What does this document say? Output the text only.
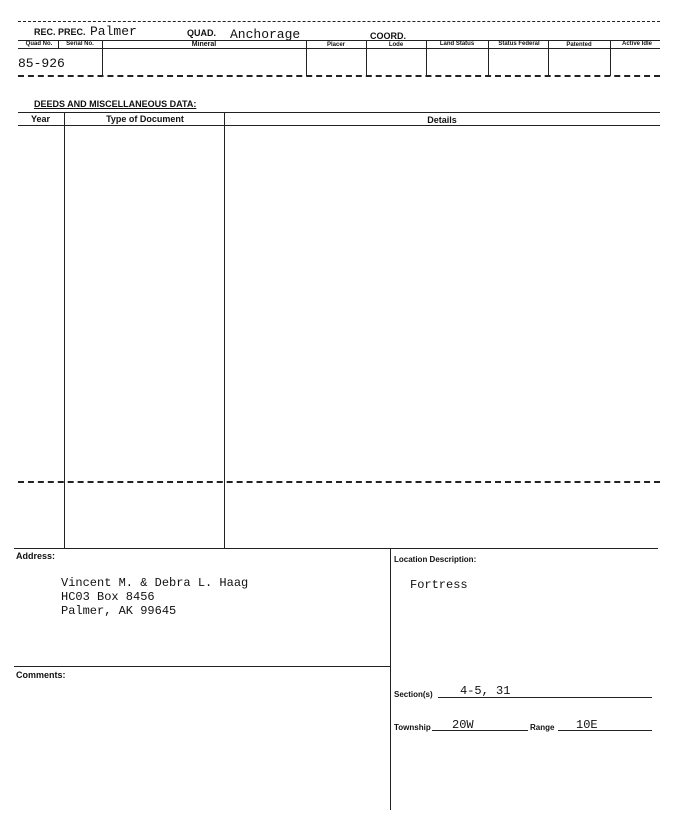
REC. PREC. Palmer	QUAD. Anchorage	COORD.
Quad No.	Serial No.	Mineral	Placer	Lode	Land Status	Status Federal	Patented	Active Idle
85-926
DEEDS AND MISCELLANEOUS DATA:
Year	Type of Document	Details
Address:
Vincent M. & Debra L. Haag
HC03 Box 8456
Palmer, AK 99645
Location Description:
Fortress
Comments:
Section(s) 4-5, 31
Township 20W	Range 10E
